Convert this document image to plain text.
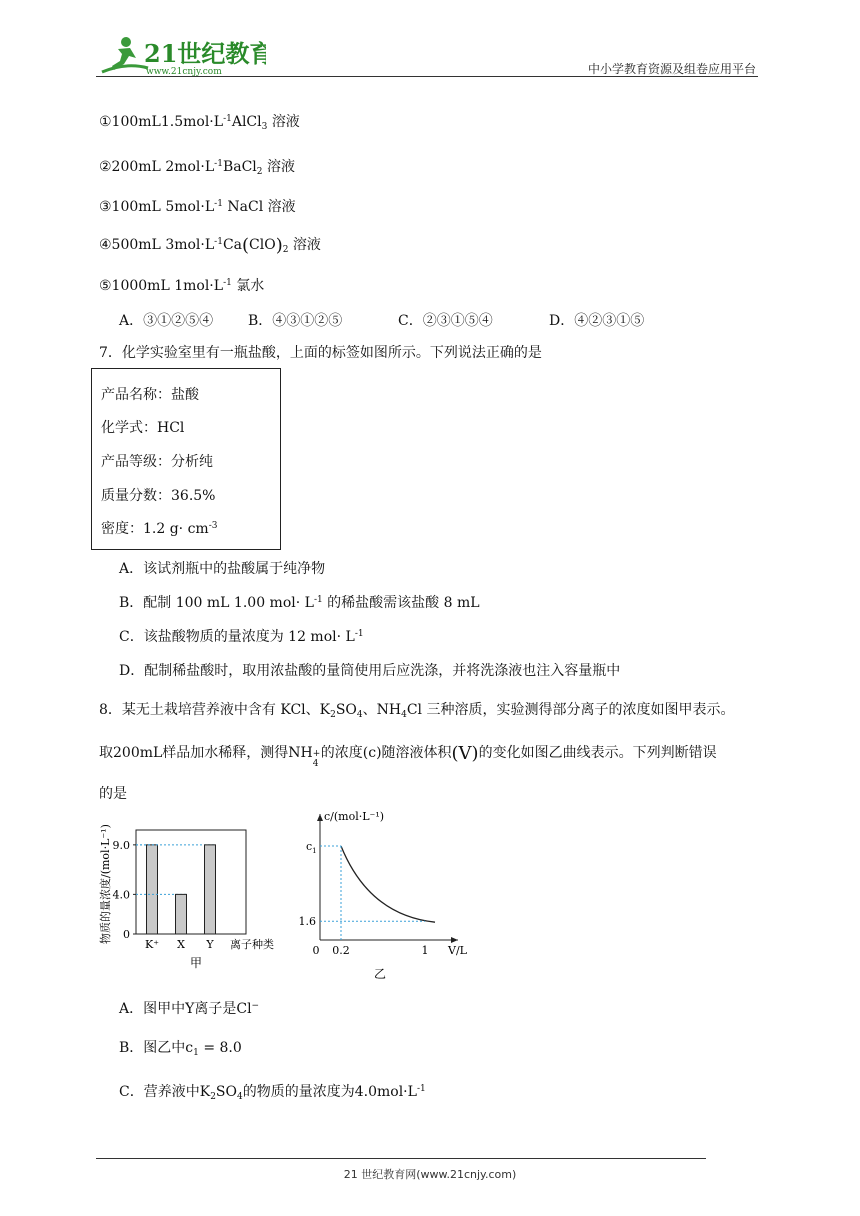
21世纪教育
www.21cnjy.com	中小学教育资源及组卷应用平台
$①100mL1.5mol\cdot L^{-1}AlCl_3$ 溶液
②200mL $2mol\cdot L^{-1}BaCl_2$ 溶液
③100mL $5mol\cdot L^{-1}$ NaCl 溶液
④500mL $3mol\cdot L^{-1}Ca(ClO)_2$ 溶液
⑤1000mL $1mol\cdot L^{-1}$ 氯水
A．③①②⑤④ B．④③①②⑤	C．②③①⑤④	D．④②③①⑤
7．化学实验室里有一瓶盐酸，上面的标签如图所示。下列说法正确的是
产品名称：盐酸
化学式：HCl
产品等级：分析纯
质量分数：36.5%
密度：1.2 $g\cdot cm^{-3}$
A．该试剂瓶中的盐酸属于纯净物
B．配制 100 mL 1.00 $mol\cdot L^{-1}$ 的稀盐酸需该盐酸 8 mL
C．该盐酸物质的量浓度为 12 $mol\cdot L^{-1}$
D．配制稀盐酸时，取用浓盐酸的量筒使用后应洗涤，并将洗涤液也注入容量瓶中
8．某无土栽培营养液中含有 KCl、$K_2SO_4$、$NH_4Cl$ 三种溶质，实验测得部分离子的浓度如图甲表示。
取200mL样品加水稀释，测得NH +
4
的浓度(c)随溶液体积(V)的变化如图乙曲线表示。下列判断错误
的是
物质的量浓度/(mol·L⁻¹) 0
4.0
9.0
K⁺ X Y 离子种类
甲
c/(mol·L⁻¹)
V/L
$c_1$
1.6
0 0.2	1
乙
A．图甲中Y离子是Cl−
B．图乙中$c_1 = 8.0$
C．营养液中$K_2SO_4$的物质的量浓度为$4.0mol\cdot L^{-1}$
21 世纪教育网(www.21cnjy.com)
